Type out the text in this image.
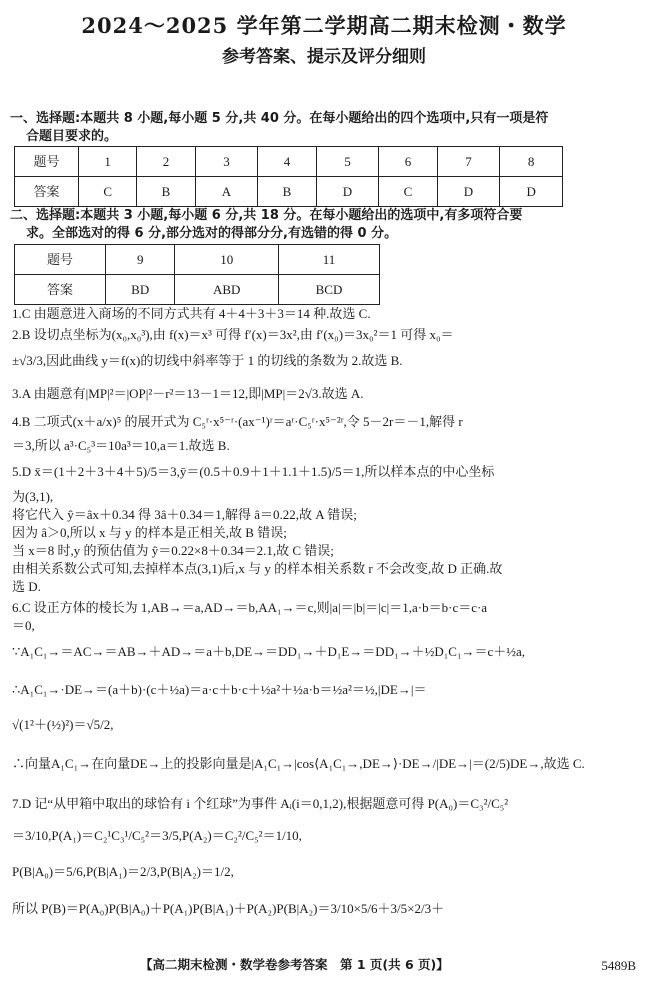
2024～2025 学年第二学期高二期末检测・数学
参考答案、提示及评分细则
一、选择题:本题共 8 小题,每小题 5 分,共 40 分。在每小题给出的四个选项中,只有一项是符
合题目要求的。
题号	1	2	3	4	5	6	7	8
答案	C	B	A	B	D	C	D	D
二、选择题:本题共 3 小题,每小题 6 分,共 18 分。在每小题给出的选项中,有多项符合要
求。全部选对的得 6 分,部分选对的得部分分,有选错的得 0 分。
题号	9	10	11
答案	BD	ABD	BCD
1.C 由题意进入商场的不同方式共有 4＋4＋3＋3＝14 种.故选 C.
2.B 设切点坐标为(x₀,x₀³),由 f(x)＝x³ 可得 f′(x)＝3x²,由 f′(x₀)＝3x₀²＝1 可得 x₀＝
±√3/3,因此曲线 y＝f(x)的切线中斜率等于 1 的切线的条数为 2.故选 B.
3.A 由题意有|MP|²＝|OP|²－r²＝13－1＝12,即|MP|＝2√3.故选 A.
4.B 二项式(x＋a/x)⁵ 的展开式为 C₅ʳ·x⁵⁻ʳ·(ax⁻¹)ʳ＝aʳ·C₅ʳ·x⁵⁻²ʳ,令 5－2r＝－1,解得 r
＝3,所以 a³·C₅³＝10a³＝10,a＝1.故选 B.
5.D x̄＝(1＋2＋3＋4＋5)/5＝3,ȳ＝(0.5＋0.9＋1＋1.1＋1.5)/5＝1,所以样本点的中心坐标
为(3,1),
将它代入 ŷ＝âx＋0.34 得 3â＋0.34＝1,解得 â＝0.22,故 A 错误;
因为 â＞0,所以 x 与 y 的样本是正相关,故 B 错误;
当 x＝8 时,y 的预估值为 ŷ＝0.22×8＋0.34＝2.1,故 C 错误;
由相关系数公式可知,去掉样本点(3,1)后,x 与 y 的样本相关系数 r 不会改变,故 D 正确.故
选 D.
6.C 设正方体的棱长为 1,AB→＝a,AD→＝b,AA₁→＝c,则|a|＝|b|＝|c|＝1,a·b＝b·c＝c·a
＝0,
∵A₁C₁→＝AC→＝AB→＋AD→＝a＋b,DE→＝DD₁→＋D₁E→＝DD₁→＋½D₁C₁→＝c＋½a,
∴A₁C₁→·DE→＝(a＋b)·(c＋½a)＝a·c＋b·c＋½a²＋½a·b＝½a²＝½,|DE→|＝
√(1²＋(½)²)＝√5/2,
∴向量A₁C₁→在向量DE→上的投影向量是|A₁C₁→|cos⟨A₁C₁→,DE→⟩·DE→/|DE→|＝(2/5)DE→,故选 C.
7.D 记“从甲箱中取出的球恰有 i 个红球”为事件 Aᵢ(i＝0,1,2),根据题意可得 P(A₀)＝C₃²/C₅²
＝3/10,P(A₁)＝C₂¹C₃¹/C₅²＝3/5,P(A₂)＝C₂²/C₅²＝1/10,
P(B|A₀)＝5/6,P(B|A₁)＝2/3,P(B|A₂)＝1/2,
所以 P(B)＝P(A₀)P(B|A₀)＋P(A₁)P(B|A₁)＋P(A₂)P(B|A₂)＝3/10×5/6＋3/5×2/3＋
【高二期末检测・数学卷参考答案　第 1 页(共 6 页)】	5489B
